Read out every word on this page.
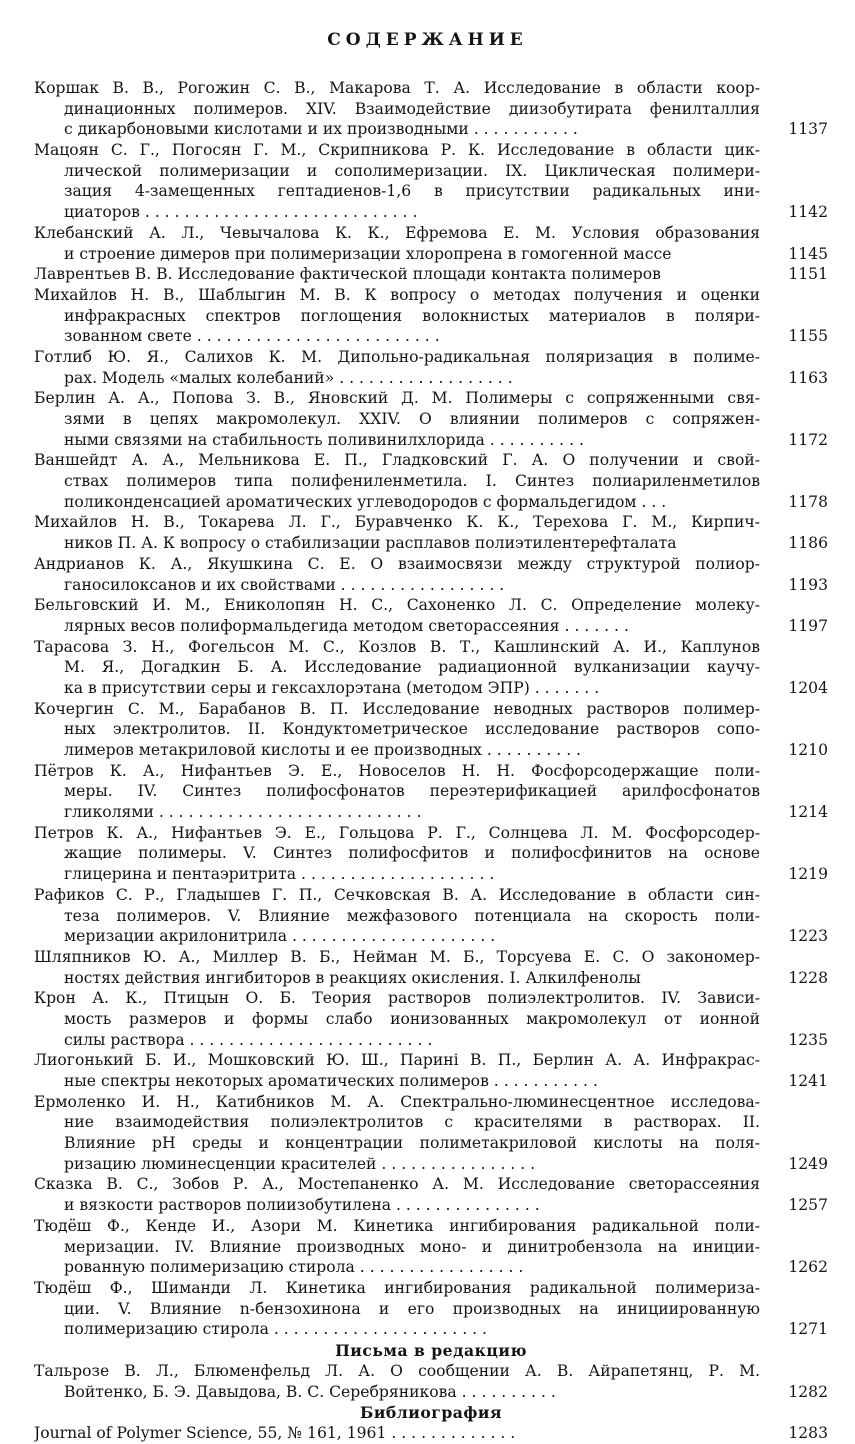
СОДЕРЖАНИЕ
Коршак В. В., Рогожин С. В., Макарова Т. А. Исследование в области коор-
динационных полимеров. XIV. Взаимодействие диизобутирата фенилталлия
с дикарбоновыми кислотами и их производными . . . . . . . . . . .	1137
Мацоян С. Г., Погосян Г. М., Скрипникова Р. К. Исследование в области цик-
лической полимеризации и сополимеризации. IX. Циклическая полимери-
зация 4-замещенных гептадиенов-1,6 в присутствии радикальных ини-
циаторов . . . . . . . . . . . . . . . . . . . . . . . . . . . .	1142
Клебанский А. Л., Чевычалова К. К., Ефремова Е. М. Условия образования
и строение димеров при полимеризации хлоропрена в гомогенной массе	1145
Лаврентьев В. В. Исследование фактической площади контакта полимеров	1151
Михайлов Н. В., Шаблыгин М. В. К вопросу о методах получения и оценки
инфракрасных спектров поглощения волокнистых материалов в поляри-
зованном свете . . . . . . . . . . . . . . . . . . . . . . . . .	1155
Готлиб Ю. Я., Салихов К. М. Дипольно-радикальная поляризация в полиме-
рах. Модель «малых колебаний» . . . . . . . . . . . . . . . . . .	1163
Берлин А. А., Попова З. В., Яновский Д. М. Полимеры с сопряженными свя-
зями в цепях макромолекул. XXIV. О влиянии полимеров с сопряжен-
ными связями на стабильность поливинилхлорида . . . . . . . . . .	1172
Ваншейдт А. А., Мельникова Е. П., Гладковский Г. А. О получении и свой-
ствах полимеров типа полифениленметила. I. Синтез полиариленметилов
поликонденсацией ароматических углеводородов с формальдегидом . . .	1178
Михайлов Н. В., Токарева Л. Г., Буравченко К. К., Терехова Г. М., Кирпич-
ников П. А. К вопросу о стабилизации расплавов полиэтилентерефталата	1186
Андрианов К. А., Якушкина С. Е. О взаимосвязи между структурой полиор-
ганосилоксанов и их свойствами . . . . . . . . . . . . . . . . .	1193
Бельговский И. М., Ениколопян Н. С., Сахоненко Л. С. Определение молеку-
лярных весов полиформальдегида методом светорассеяния . . . . . . .	1197
Тарасова З. Н., Фогельсон М. С., Козлов В. Т., Кашлинский А. И., Каплунов
М. Я., Догадкин Б. А. Исследование радиационной вулканизации каучу-
ка в присутствии серы и гексахлорэтана (методом ЭПР) . . . . . . .	1204
Кочергин С. М., Барабанов В. П. Исследование неводных растворов полимер-
ных электролитов. II. Кондуктометрическое исследование растворов сопо-
лимеров метакриловой кислоты и ее производных . . . . . . . . . .	1210
Пётров К. А., Нифантьев Э. Е., Новоселов Н. Н. Фосфорсодержащие поли-
меры. IV. Синтез полифосфонатов переэтерификацией арилфосфонатов
гликолями . . . . . . . . . . . . . . . . . . . . . . . . . . .	1214
Петров К. А., Нифантьев Э. Е., Гольцова Р. Г., Солнцева Л. М. Фосфорсодер-
жащие полимеры. V. Синтез полифосфитов и полифосфинитов на основе
глицерина и пентаэритрита . . . . . . . . . . . . . . . . . . . .	1219
Рафиков С. Р., Гладышев Г. П., Сечковская В. А. Исследование в области син-
теза полимеров. V. Влияние межфазового потенциала на скорость поли-
меризации акрилонитрила . . . . . . . . . . . . . . . . . . . . .	1223
Шляпников Ю. А., Миллер В. Б., Нейман М. Б., Торсуева Е. С. О закономер-
ностях действия ингибиторов в реакциях окисления. I. Алкилфенолы	1228
Крон А. К., Птицын О. Б. Теория растворов полиэлектролитов. IV. Зависи-
мость размеров и формы слабо ионизованных макромолекул от ионной
силы раствора . . . . . . . . . . . . . . . . . . . . . . . . .	1235
Лиогонький Б. И., Мошковский Ю. Ш., Паринi В. П., Берлин А. А. Инфракрас-
ные спектры некоторых ароматических полимеров . . . . . . . . . . .	1241
Ермоленко И. Н., Катибников М. А. Спектрально-люминесцентное исследова-
ние взаимодействия полиэлектролитов с красителями в растворах. II.
Влияние pH среды и концентрации полиметакриловой кислоты на поля-
ризацию люминесценции красителей . . . . . . . . . . . . . . . .	1249
Сказка В. С., Зобов Р. А., Мостепаненко А. М. Исследование светорассеяния
и вязкости растворов полиизобутилена . . . . . . . . . . . . . . .	1257
Тюдёш Ф., Кенде И., Азори М. Кинетика ингибирования радикальной поли-
меризации. IV. Влияние производных моно- и динитробензола на иниции-
рованную полимеризацию стирола . . . . . . . . . . . . . . . . .	1262
Тюдёш Ф., Шиманди Л. Кинетика ингибирования радикальной полимериза-
ции. V. Влияние n-бензохинона и его производных на инициированную
полимеризацию стирола . . . . . . . . . . . . . . . . . . . . . .	1271
Письма в редакцию
Тальрозе В. Л., Блюменфельд Л. А. О сообщении А. В. Айрапетянц, Р. М.
Войтенко, Б. Э. Давыдова, В. С. Серебряникова . . . . . . . . . .	1282
Библиография
Journal of Polymer Science, 55, № 161, 1961 . . . . . . . . . . . . .	1283
